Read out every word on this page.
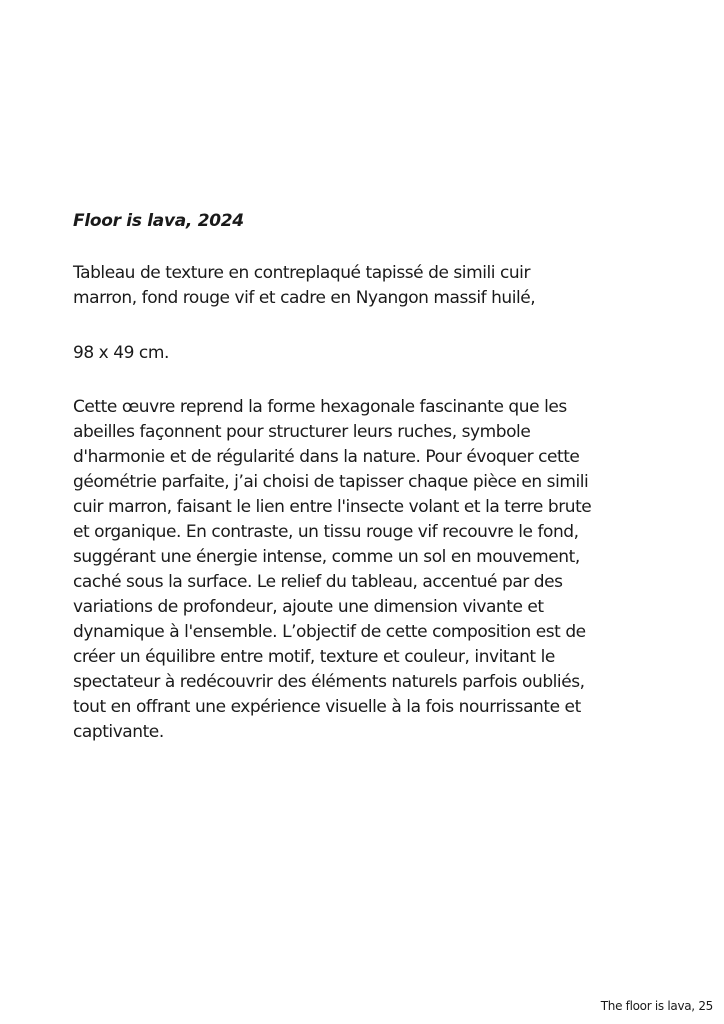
Floor is lava, 2024

Tableau de texture en contreplaqué tapissé de simili cuir
marron, fond rouge vif et cadre en Nyangon massif huilé,

98 x 49 cm.

Cette œuvre reprend la forme hexagonale fascinante que les
abeilles façonnent pour structurer leurs ruches, symbole
d'harmonie et de régularité dans la nature. Pour évoquer cette
géométrie parfaite, j’ai choisi de tapisser chaque pièce en simili
cuir marron, faisant le lien entre l'insecte volant et la terre brute
et organique. En contraste, un tissu rouge vif recouvre le fond,
suggérant une énergie intense, comme un sol en mouvement,
caché sous la surface. Le relief du tableau, accentué par des
variations de profondeur, ajoute une dimension vivante et
dynamique à l'ensemble. L’objectif de cette composition est de
créer un équilibre entre motif, texture et couleur, invitant le
spectateur à redécouvrir des éléments naturels parfois oubliés,
tout en offrant une expérience visuelle à la fois nourrissante et
captivante.

The floor is lava, 25
